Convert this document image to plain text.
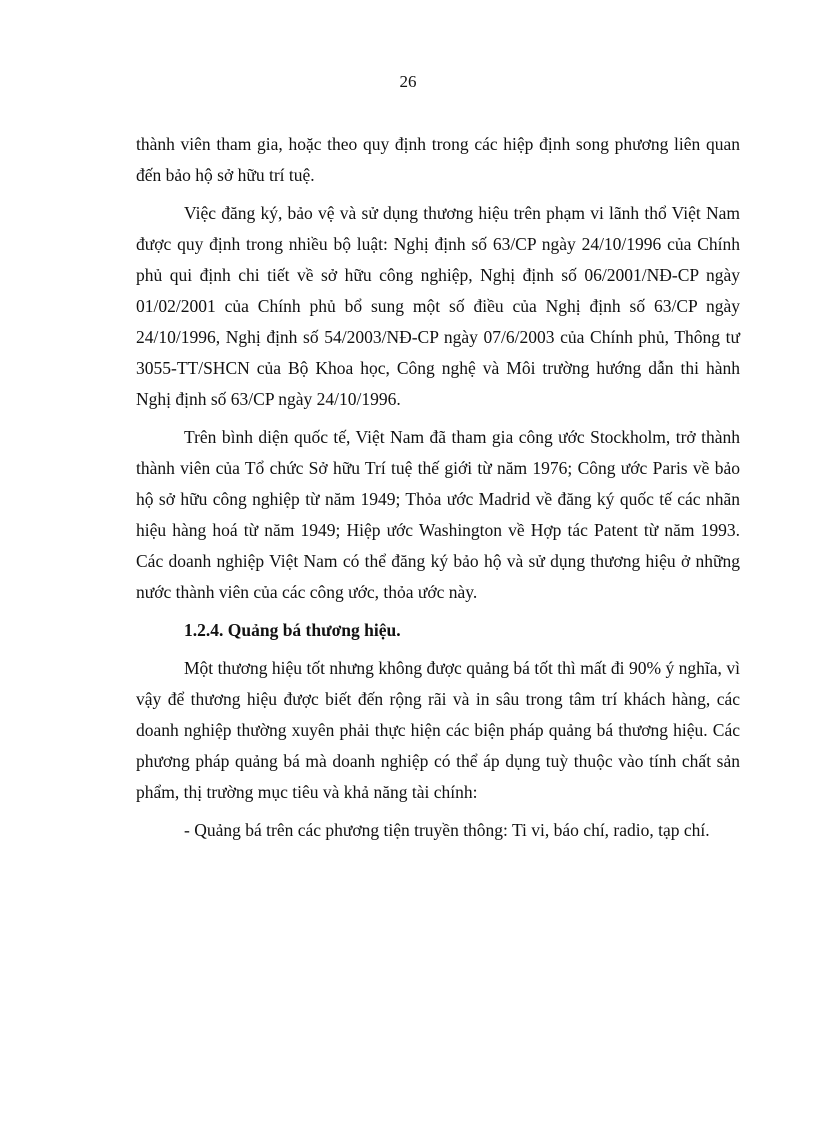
26

thành viên tham gia, hoặc theo quy định trong các hiệp định song phương liên quan đến bảo hộ sở hữu trí tuệ.

Việc đăng ký, bảo vệ và sử dụng thương hiệu trên phạm vi lãnh thổ Việt Nam được quy định trong nhiều bộ luật: Nghị định số 63/CP ngày 24/10/1996 của Chính phủ qui định chi tiết về sở hữu công nghiệp, Nghị định số 06/2001/NĐ-CP ngày 01/02/2001 của Chính phủ bổ sung một số điều của Nghị định số 63/CP ngày 24/10/1996, Nghị định số 54/2003/NĐ-CP ngày 07/6/2003 của Chính phủ, Thông tư 3055-TT/SHCN của Bộ Khoa học, Công nghệ và Môi trường hướng dẫn thi hành Nghị định số 63/CP ngày 24/10/1996.

Trên bình diện quốc tế, Việt Nam đã tham gia công ước Stockholm, trở thành thành viên của Tổ chức Sở hữu Trí tuệ thế giới từ năm 1976; Công ước Paris về bảo hộ sở hữu công nghiệp từ năm 1949; Thỏa ước Madrid về đăng ký quốc tế các nhãn hiệu hàng hoá từ năm 1949; Hiệp ước Washington về Hợp tác Patent từ năm 1993. Các doanh nghiệp Việt Nam có thể đăng ký bảo hộ và sử dụng thương hiệu ở những nước thành viên của các công ước, thỏa ước này.

1.2.4. Quảng bá thương hiệu.

Một thương hiệu tốt nhưng không được quảng bá tốt thì mất đi 90% ý nghĩa, vì vậy để thương hiệu được biết đến rộng rãi và in sâu trong tâm trí khách hàng, các doanh nghiệp thường xuyên phải thực hiện các biện pháp quảng bá thương hiệu. Các phương pháp quảng bá mà doanh nghiệp có thể áp dụng tuỳ thuộc vào tính chất sản phẩm, thị trường mục tiêu và khả năng tài chính:

- Quảng bá trên các phương tiện truyền thông: Ti vi, báo chí, radio, tạp chí.
